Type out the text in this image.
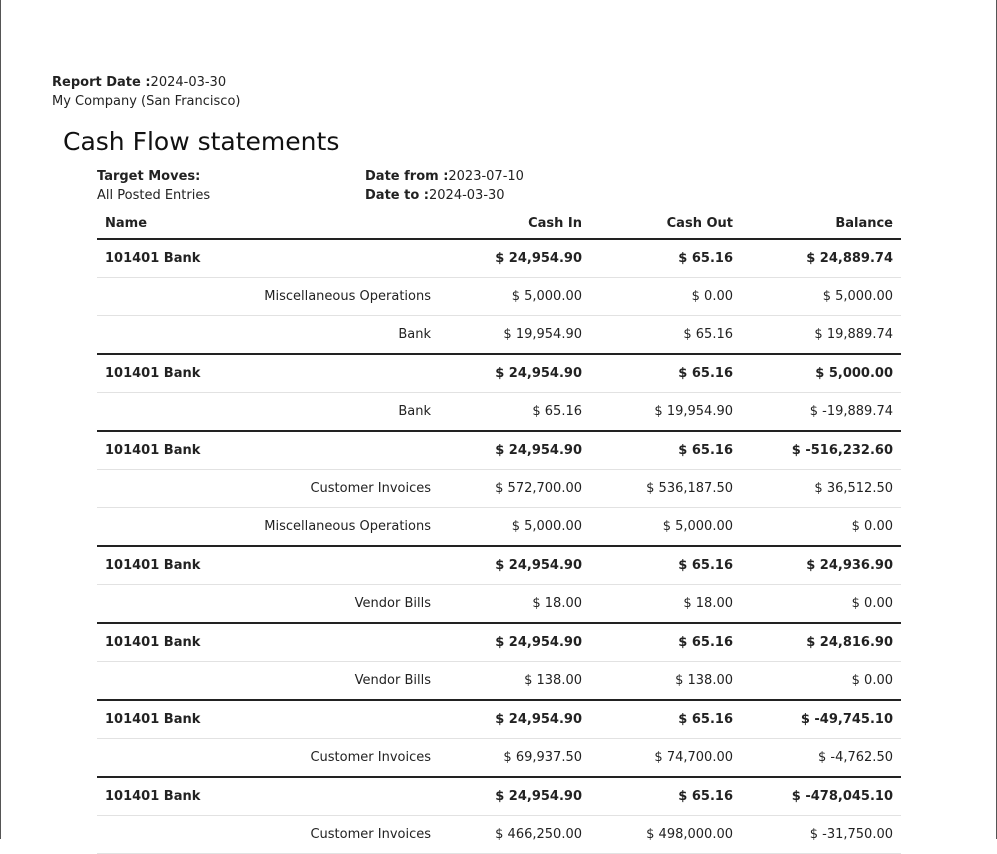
Report Date :2024-03-30
My Company (San Francisco)
Cash Flow statements
Target Moves:
All Posted Entries
Date from :2023-07-10
Date to :2024-03-30
Name		Cash In	Cash Out	Balance
101401 Bank		$ 24,954.90	$ 65.16	$ 24,889.74
	Miscellaneous Operations	$ 5,000.00	$ 0.00	$ 5,000.00
	Bank	$ 19,954.90	$ 65.16	$ 19,889.74
101401 Bank		$ 24,954.90	$ 65.16	$ 5,000.00
	Bank	$ 65.16	$ 19,954.90	$ -19,889.74
101401 Bank		$ 24,954.90	$ 65.16	$ -516,232.60
	Customer Invoices	$ 572,700.00	$ 536,187.50	$ 36,512.50
	Miscellaneous Operations	$ 5,000.00	$ 5,000.00	$ 0.00
101401 Bank		$ 24,954.90	$ 65.16	$ 24,936.90
	Vendor Bills	$ 18.00	$ 18.00	$ 0.00
101401 Bank		$ 24,954.90	$ 65.16	$ 24,816.90
	Vendor Bills	$ 138.00	$ 138.00	$ 0.00
101401 Bank		$ 24,954.90	$ 65.16	$ -49,745.10
	Customer Invoices	$ 69,937.50	$ 74,700.00	$ -4,762.50
101401 Bank		$ 24,954.90	$ 65.16	$ -478,045.10
	Customer Invoices	$ 466,250.00	$ 498,000.00	$ -31,750.00
